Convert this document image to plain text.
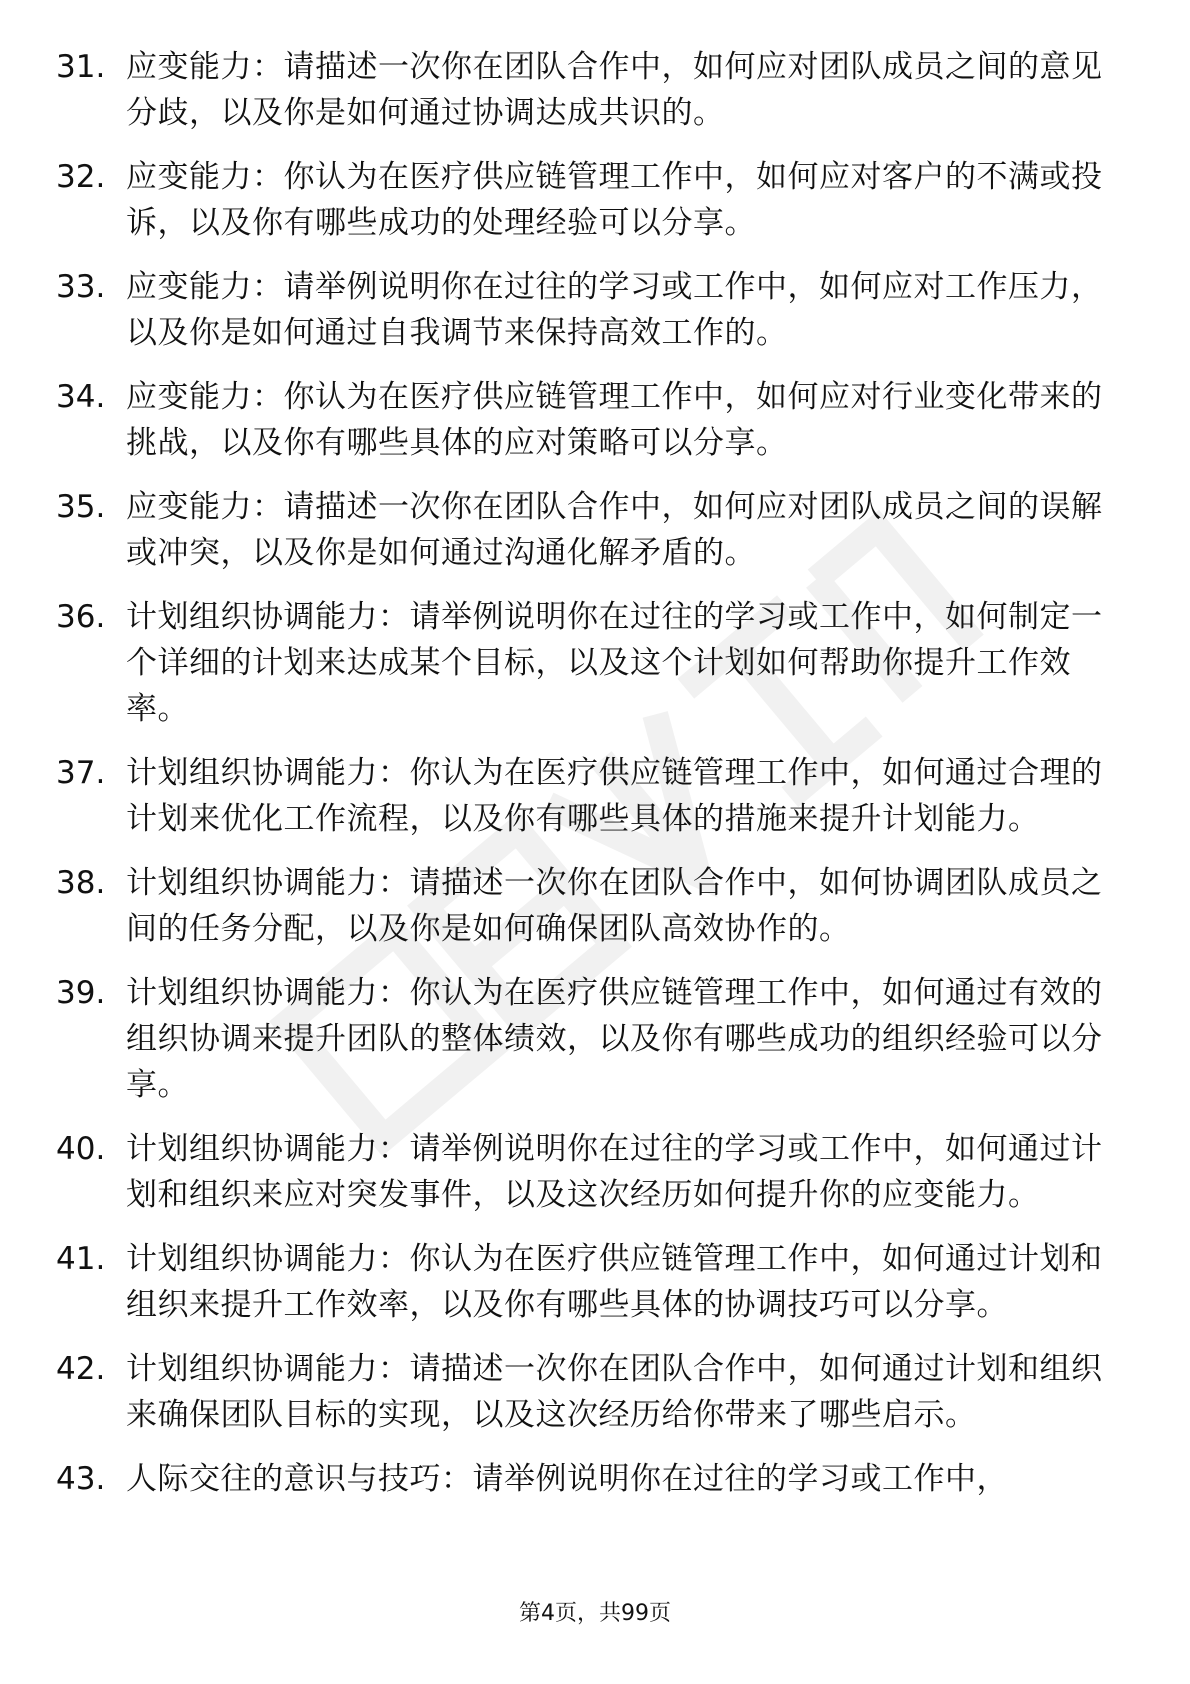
31. 应变能力：请描述一次你在团队合作中，如何应对团队成员之间的意见分歧，以及你是如何通过协调达成共识的。
32. 应变能力：你认为在医疗供应链管理工作中，如何应对客户的不满或投诉，以及你有哪些成功的处理经验可以分享。
33. 应变能力：请举例说明你在过往的学习或工作中，如何应对工作压力，以及你是如何通过自我调节来保持高效工作的。
34. 应变能力：你认为在医疗供应链管理工作中，如何应对行业变化带来的挑战，以及你有哪些具体的应对策略可以分享。
35. 应变能力：请描述一次你在团队合作中，如何应对团队成员之间的误解或冲突，以及你是如何通过沟通化解矛盾的。
36. 计划组织协调能力：请举例说明你在过往的学习或工作中，如何制定一个详细的计划来达成某个目标，以及这个计划如何帮助你提升工作效率。
37. 计划组织协调能力：你认为在医疗供应链管理工作中，如何通过合理的计划来优化工作流程，以及你有哪些具体的措施来提升计划能力。
38. 计划组织协调能力：请描述一次你在团队合作中，如何协调团队成员之间的任务分配，以及你是如何确保团队高效协作的。
39. 计划组织协调能力：你认为在医疗供应链管理工作中，如何通过有效的组织协调来提升团队的整体绩效，以及你有哪些成功的组织经验可以分享。
40. 计划组织协调能力：请举例说明你在过往的学习或工作中，如何通过计划和组织来应对突发事件，以及这次经历如何提升你的应变能力。
41. 计划组织协调能力：你认为在医疗供应链管理工作中，如何通过计划和组织来提升工作效率，以及你有哪些具体的协调技巧可以分享。
42. 计划组织协调能力：请描述一次你在团队合作中，如何通过计划和组织来确保团队目标的实现，以及这次经历给你带来了哪些启示。
43. 人际交往的意识与技巧：请举例说明你在过往的学习或工作中，
第4页，共99页
